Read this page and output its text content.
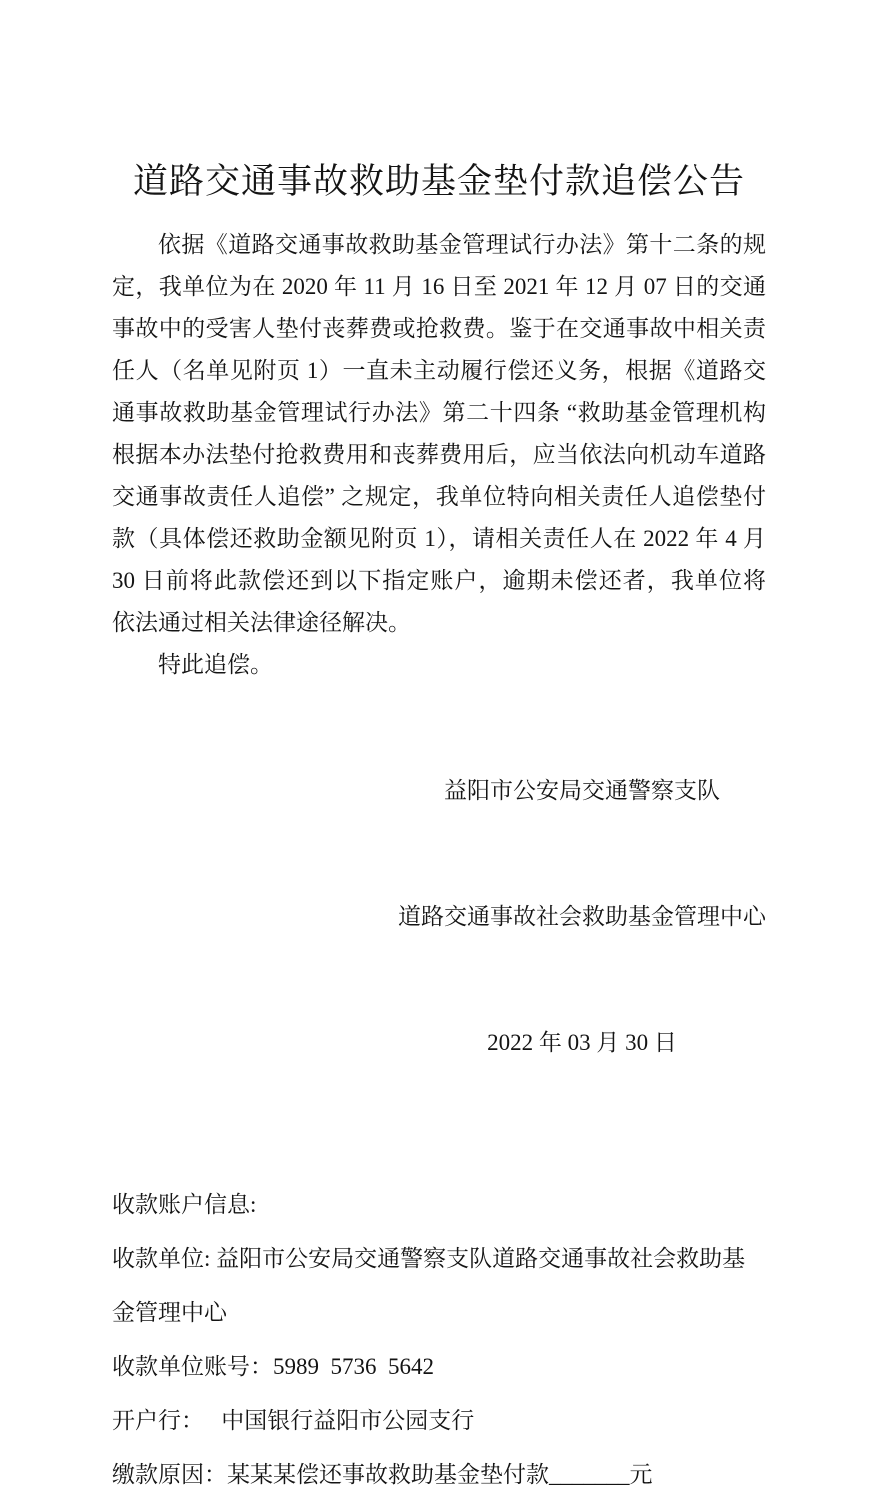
道路交通事故救助基金垫付款追偿公告
依据《道路交通事故救助基金管理试行办法》第十二条的规
定，我单位为在 2020 年 11 月 16 日至 2021 年 12 月 07 日的交通
事故中的受害人垫付丧葬费或抢救费。鉴于在交通事故中相关责
任人（名单见附页 1）一直未主动履行偿还义务，根据《道路交
通事故救助基金管理试行办法》第二十四条 “救助基金管理机构
根据本办法垫付抢救费用和丧葬费用后，应当依法向机动车道路
交通事故责任人追偿” 之规定，我单位特向相关责任人追偿垫付
款（具体偿还救助金额见附页 1），请相关责任人在 2022 年 4 月
30 日前将此款偿还到以下指定账户，逾期未偿还者，我单位将
依法通过相关法律途径解决。
特此追偿。

益阳市公安局交通警察支队

道路交通事故社会救助基金管理中心

2022 年 03 月 30 日

收款账户信息:
收款单位: 益阳市公安局交通警察支队道路交通事故社会救助基
金管理中心
收款单位账号：5989  5736  5642
开户行：   中国银行益阳市公园支行
缴款原因：某某某偿还事故救助基金垫付款_______元
